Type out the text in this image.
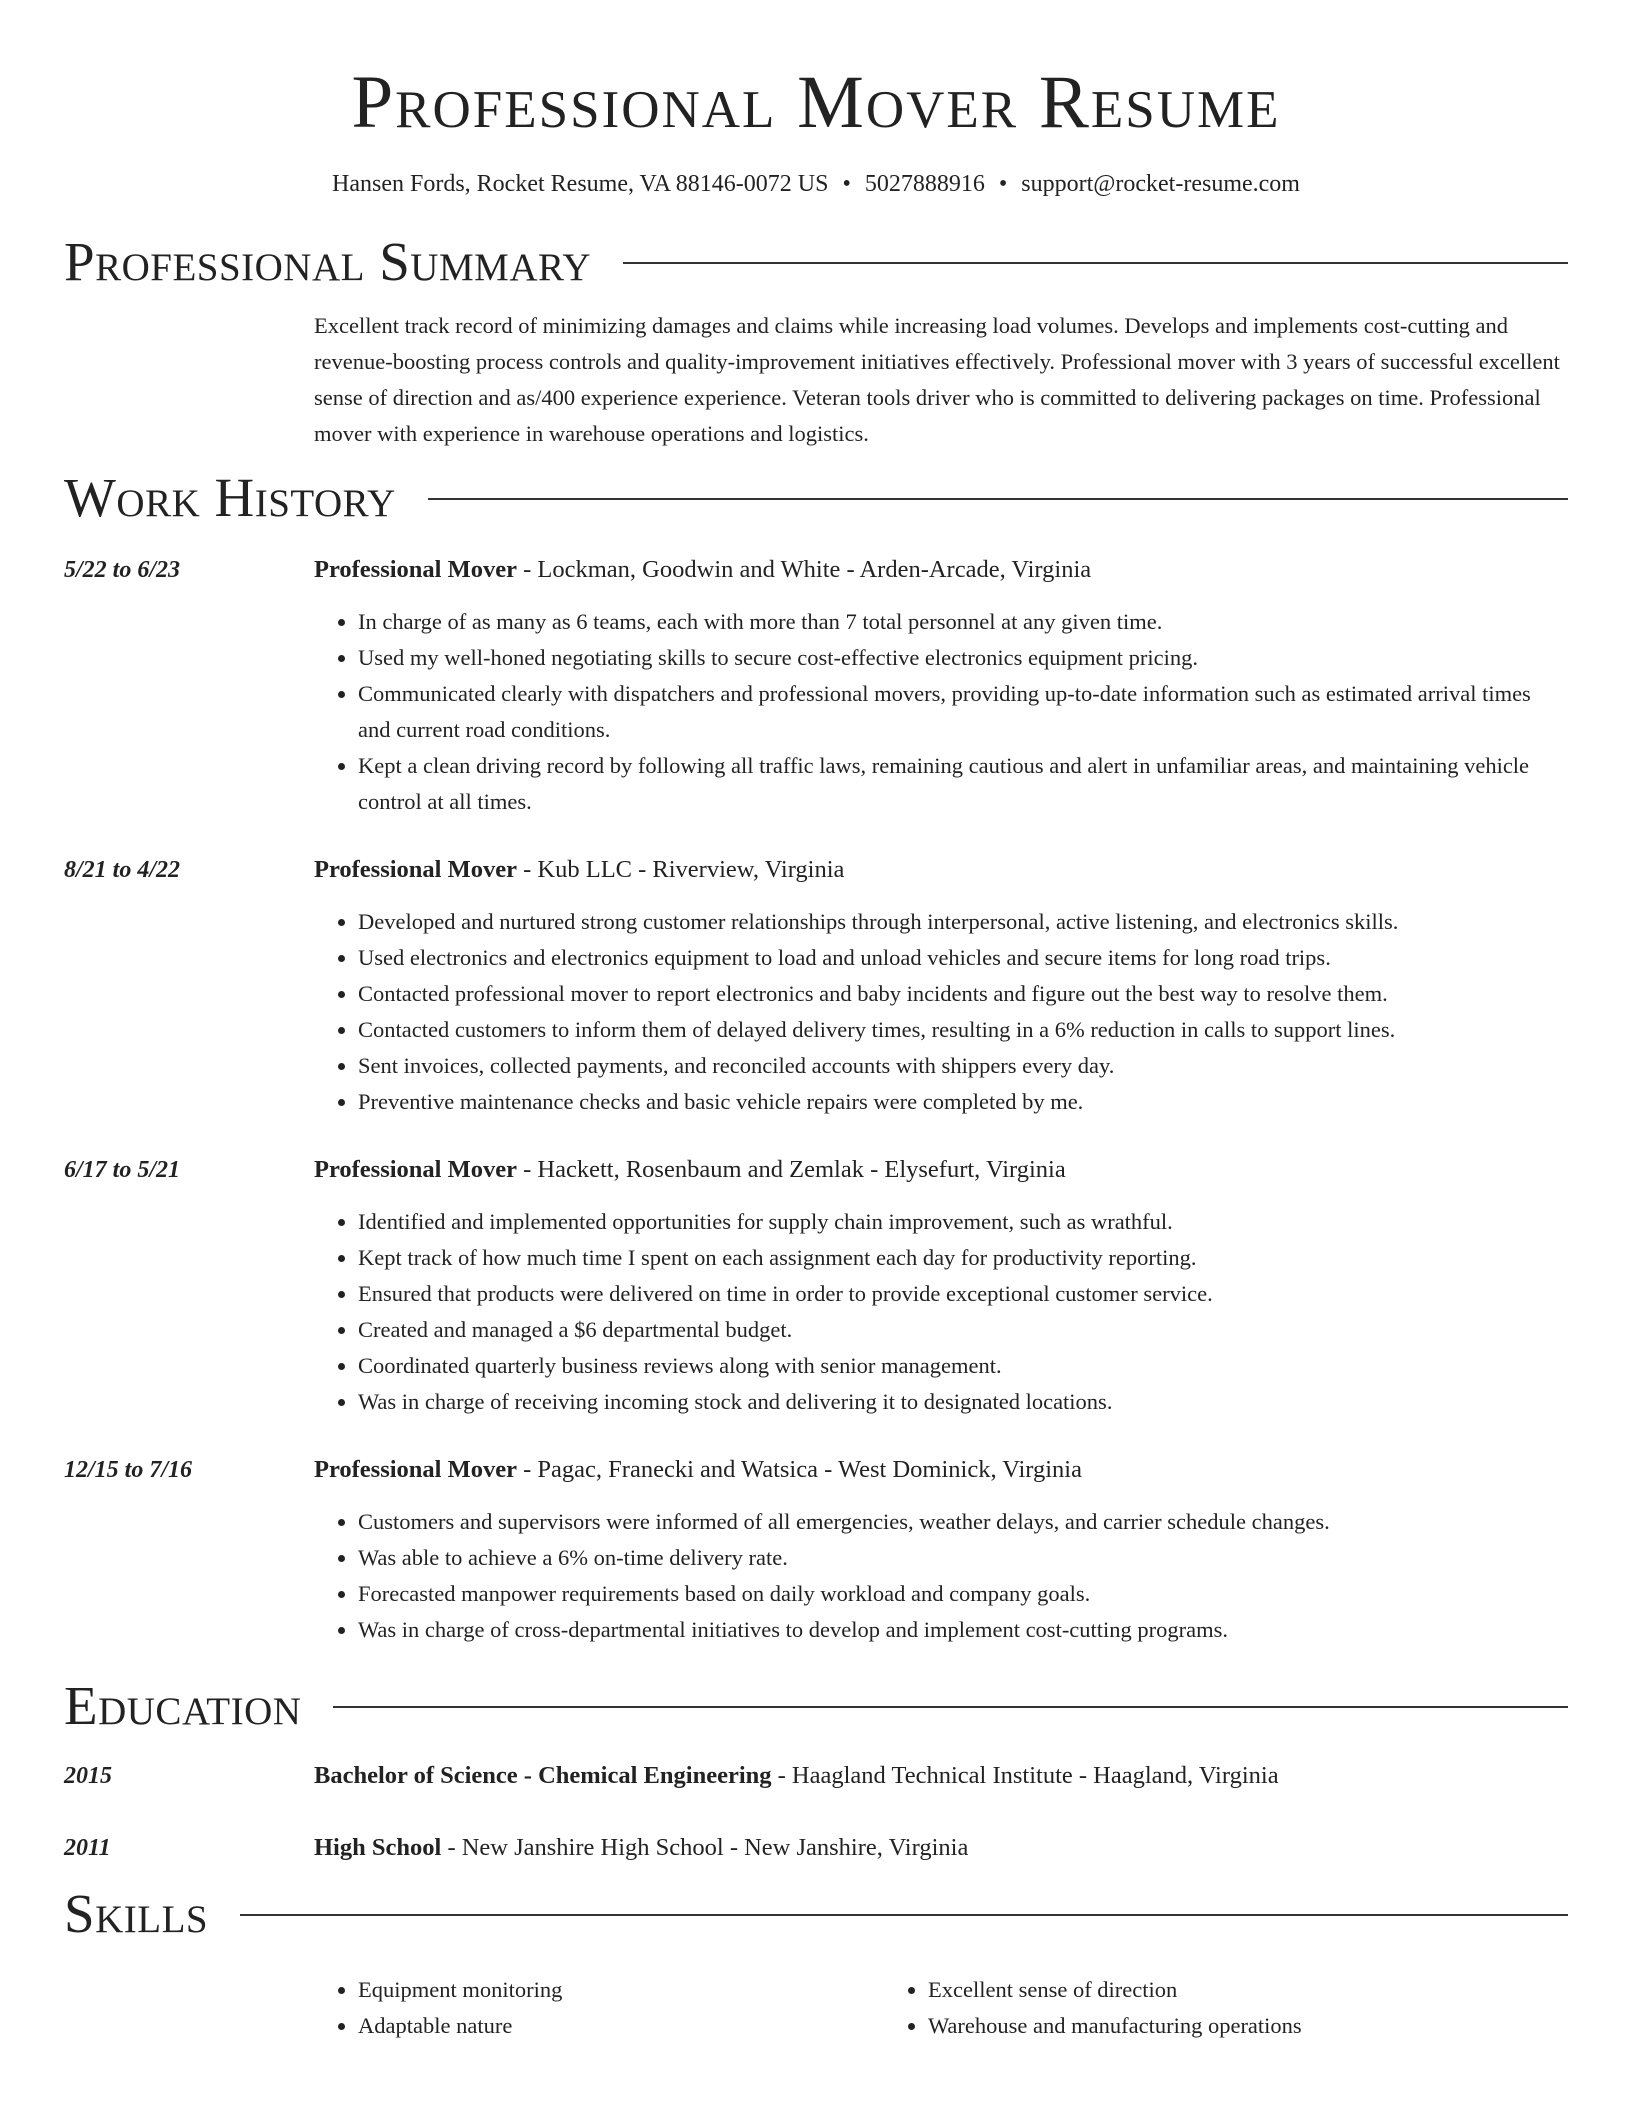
Professional Mover Resume
Hansen Fords, Rocket Resume, VA 88146-0072 US • 5027888916 • support@rocket-resume.com
Professional Summary

Excellent track record of minimizing damages and claims while increasing load volumes. Develops and implements cost-cutting and revenue-boosting process controls and quality-improvement initiatives effectively. Professional mover with 3 years of successful excellent sense of direction and as/400 experience experience. Veteran tools driver who is committed to delivering packages on time. Professional mover with experience in warehouse operations and logistics.

Work History
5/22 to 6/23	Professional Mover - Lockman, Goodwin and White - Arden-Arcade, Virginia
• In charge of as many as 6 teams, each with more than 7 total personnel at any given time.
• Used my well-honed negotiating skills to secure cost-effective electronics equipment pricing.
• Communicated clearly with dispatchers and professional movers, providing up-to-date information such as estimated arrival times and current road conditions.
• Kept a clean driving record by following all traffic laws, remaining cautious and alert in unfamiliar areas, and maintaining vehicle control at all times.
8/21 to 4/22	Professional Mover - Kub LLC - Riverview, Virginia
• Developed and nurtured strong customer relationships through interpersonal, active listening, and electronics skills.
• Used electronics and electronics equipment to load and unload vehicles and secure items for long road trips.
• Contacted professional mover to report electronics and baby incidents and figure out the best way to resolve them.
• Contacted customers to inform them of delayed delivery times, resulting in a 6% reduction in calls to support lines.
• Sent invoices, collected payments, and reconciled accounts with shippers every day.
• Preventive maintenance checks and basic vehicle repairs were completed by me.
6/17 to 5/21	Professional Mover - Hackett, Rosenbaum and Zemlak - Elysefurt, Virginia
• Identified and implemented opportunities for supply chain improvement, such as wrathful.
• Kept track of how much time I spent on each assignment each day for productivity reporting.
• Ensured that products were delivered on time in order to provide exceptional customer service.
• Created and managed a $6 departmental budget.
• Coordinated quarterly business reviews along with senior management.
• Was in charge of receiving incoming stock and delivering it to designated locations.
12/15 to 7/16	Professional Mover - Pagac, Franecki and Watsica - West Dominick, Virginia
• Customers and supervisors were informed of all emergencies, weather delays, and carrier schedule changes.
• Was able to achieve a 6% on-time delivery rate.
• Forecasted manpower requirements based on daily workload and company goals.
• Was in charge of cross-departmental initiatives to develop and implement cost-cutting programs.
Education
2015	Bachelor of Science - Chemical Engineering - Haagland Technical Institute - Haagland, Virginia
2011	High School - New Janshire High School - New Janshire, Virginia
Skills
• Equipment monitoring
• Adaptable nature
• Excellent sense of direction
• Warehouse and manufacturing operations
